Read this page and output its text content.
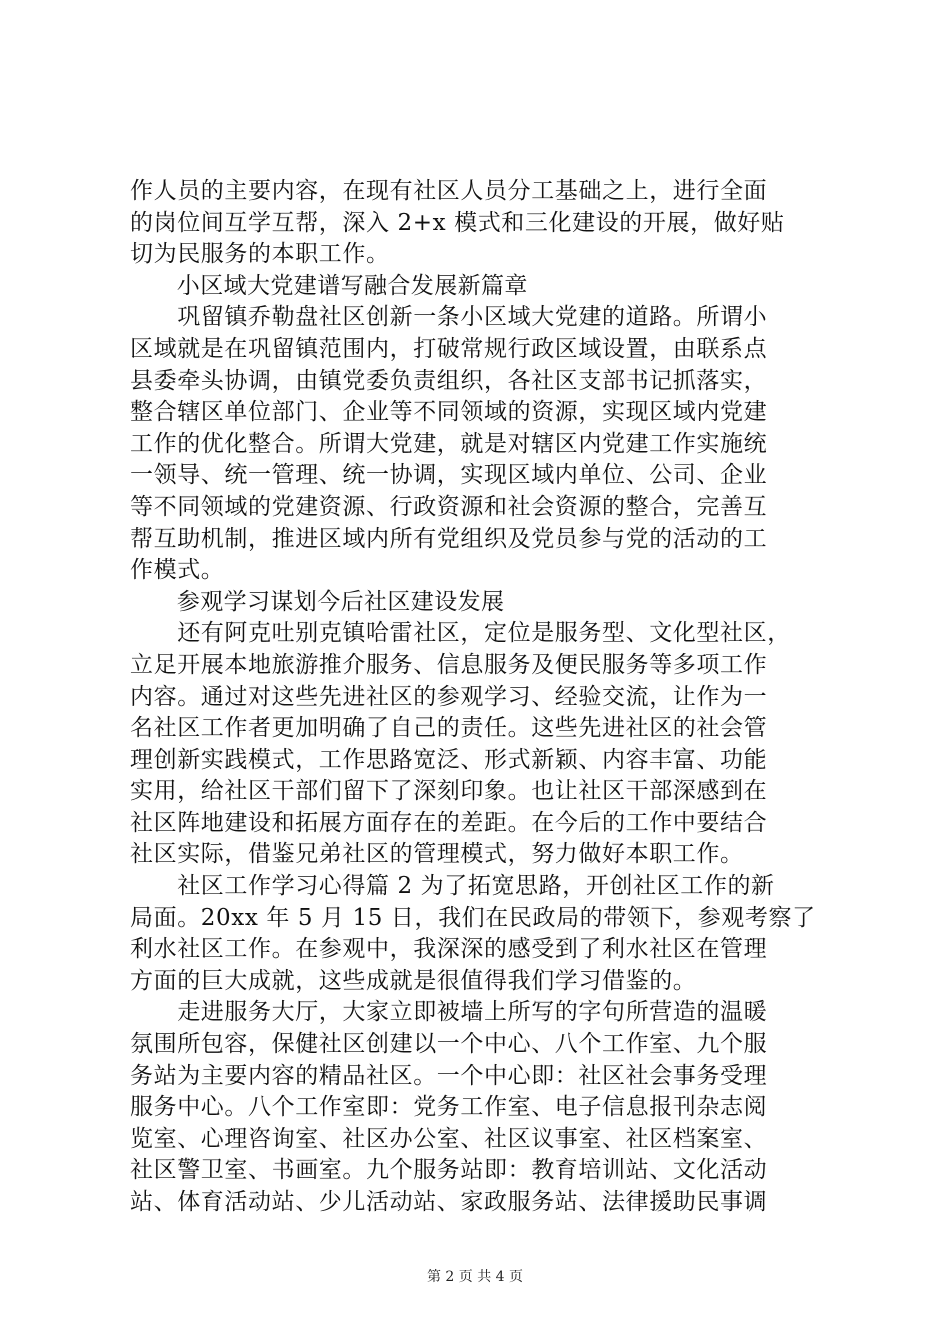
作人员的主要内容，在现有社区人员分工基础之上，进行全面
的岗位间互学互帮，深入 2+x 模式和三化建设的开展，做好贴
切为民服务的本职工作。
　　小区域大党建谱写融合发展新篇章
　　巩留镇乔勒盘社区创新一条小区域大党建的道路。所谓小
区域就是在巩留镇范围内，打破常规行政区域设置，由联系点
县委牵头协调，由镇党委负责组织，各社区支部书记抓落实，
整合辖区单位部门、企业等不同领域的资源，实现区域内党建
工作的优化整合。所谓大党建，就是对辖区内党建工作实施统
一领导、统一管理、统一协调，实现区域内单位、公司、企业
等不同领域的党建资源、行政资源和社会资源的整合，完善互
帮互助机制，推进区域内所有党组织及党员参与党的活动的工
作模式。
　　参观学习谋划今后社区建设发展
　　还有阿克吐别克镇哈雷社区，定位是服务型、文化型社区，
立足开展本地旅游推介服务、信息服务及便民服务等多项工作
内容。通过对这些先进社区的参观学习、经验交流，让作为一
名社区工作者更加明确了自己的责任。这些先进社区的社会管
理创新实践模式，工作思路宽泛、形式新颖、内容丰富、功能
实用，给社区干部们留下了深刻印象。也让社区干部深感到在
社区阵地建设和拓展方面存在的差距。在今后的工作中要结合
社区实际，借鉴兄弟社区的管理模式，努力做好本职工作。
　　社区工作学习心得篇 2 为了拓宽思路，开创社区工作的新
局面。20xx 年 5 月 15 日，我们在民政局的带领下，参观考察了
利水社区工作。在参观中，我深深的感受到了利水社区在管理
方面的巨大成就，这些成就是很值得我们学习借鉴的。
　　走进服务大厅，大家立即被墙上所写的字句所营造的温暖
氛围所包容，保健社区创建以一个中心、八个工作室、九个服
务站为主要内容的精品社区。一个中心即：社区社会事务受理
服务中心。八个工作室即：党务工作室、电子信息报刊杂志阅
览室、心理咨询室、社区办公室、社区议事室、社区档案室、
社区警卫室、书画室。九个服务站即：教育培训站、文化活动
站、体育活动站、少儿活动站、家政服务站、法律援助民事调
第 2 页 共 4 页
